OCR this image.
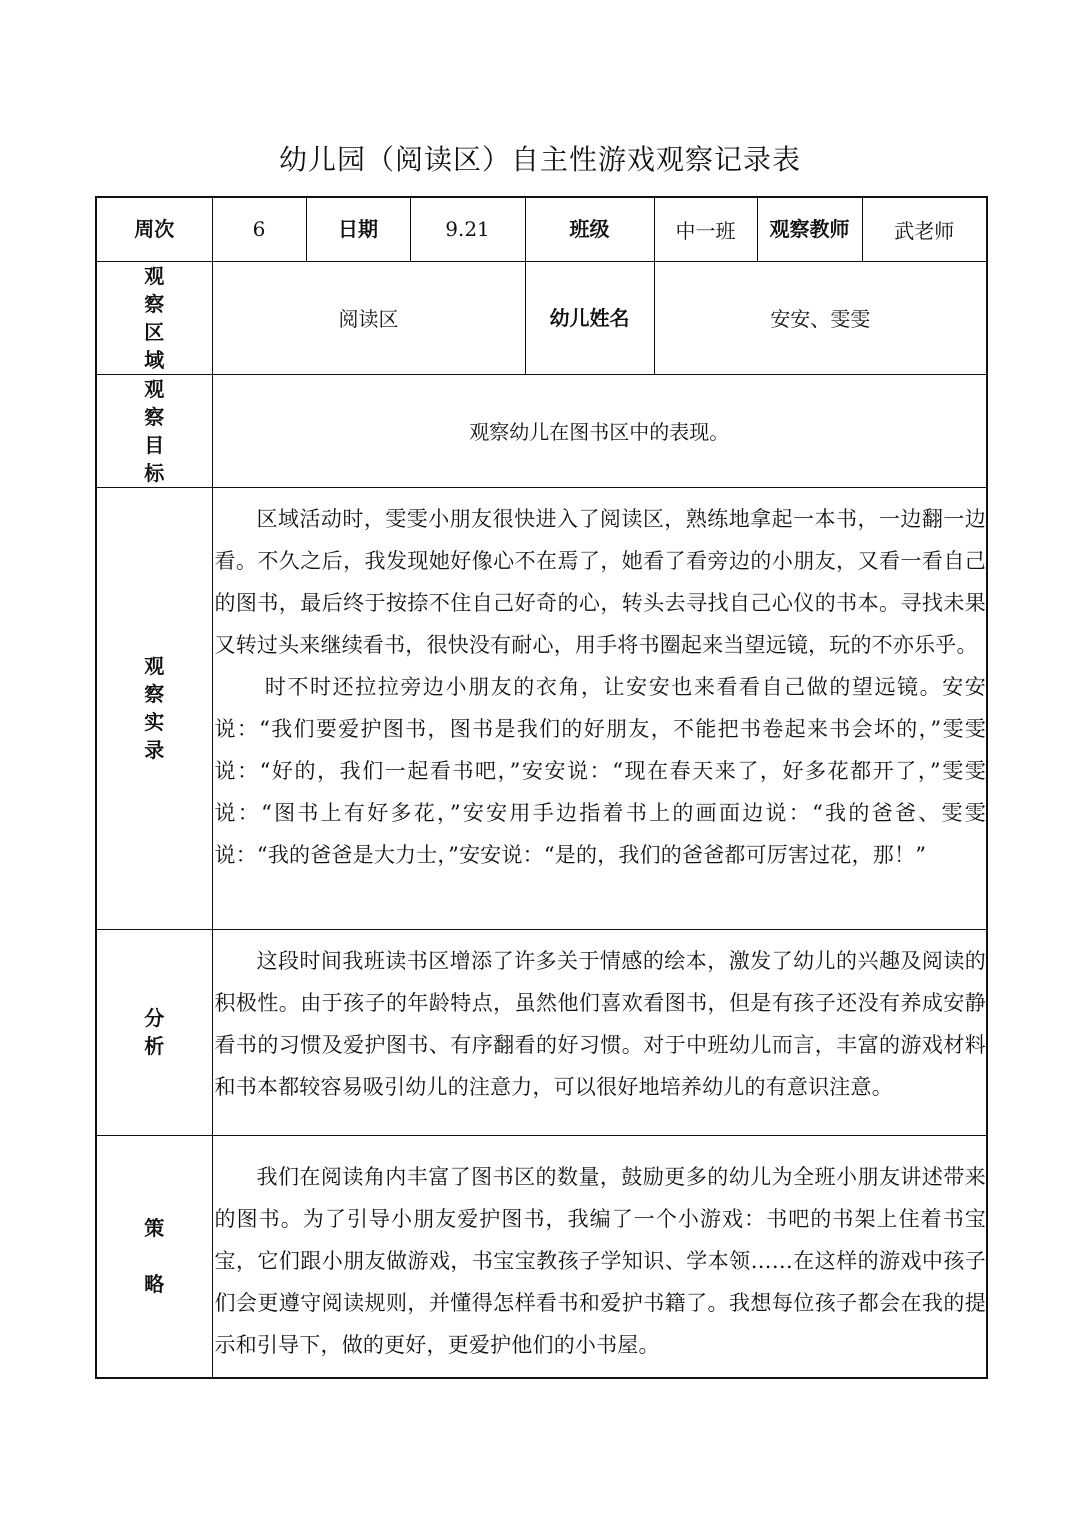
幼儿园（阅读区）自主性游戏观察记录表
周次	6	日期	9.21	班级	中一班	观察教师	武老师
观察区域	阅读区			幼儿姓名	安安、雯雯		
观察目标	观察幼儿在图书区中的表现。						
观察实录	区域活动时，雯雯小朋友很快进入了阅读区，熟练地拿起一本书，一边翻一边看。不久之后，我发现她好像心不在焉了，她看了看旁边的小朋友，又看一看自己的图书，最后终于按捺不住自己好奇的心，转头去寻找自己心仪的书本。寻找未果又转过头来继续看书，很快没有耐心，用手将书圈起来当望远镜，玩的不亦乐乎。

时不时还拉拉旁边小朋友的衣角，让安安也来看看自己做的望远镜。安安说：“我们要爱护图书，图书是我们的好朋友，不能把书卷起来书会坏的，”雯雯说：“好的，我们一起看书吧，”安安说：“现在春天来了，好多花都开了，”雯雯说：“图书上有好多花，”安安用手边指着书上的画面边说：“我的爸爸、雯雯说：“我的爸爸是大力士，”安安说：“是的，我们的爸爸都可厉害过花，那！”						

分析	这段时间我班读书区增添了许多关于情感的绘本，激发了幼儿的兴趣及阅读的积极性。由于孩子的年龄特点，虽然他们喜欢看图书，但是有孩子还没有养成安静看书的习惯及爱护图书、有序翻看的好习惯。对于中班幼儿而言，丰富的游戏材料和书本都较容易吸引幼儿的注意力，可以很好地培养幼儿的有意识注意。						

策略	我们在阅读角内丰富了图书区的数量，鼓励更多的幼儿为全班小朋友讲述带来的图书。为了引导小朋友爱护图书，我编了一个小游戏：书吧的书架上住着书宝宝，它们跟小朋友做游戏，书宝宝教孩子学知识、学本领……在这样的游戏中孩子们会更遵守阅读规则，并懂得怎样看书和爱护书籍了。我想每位孩子都会在我的提示和引导下，做的更好，更爱护他们的小书屋。						
